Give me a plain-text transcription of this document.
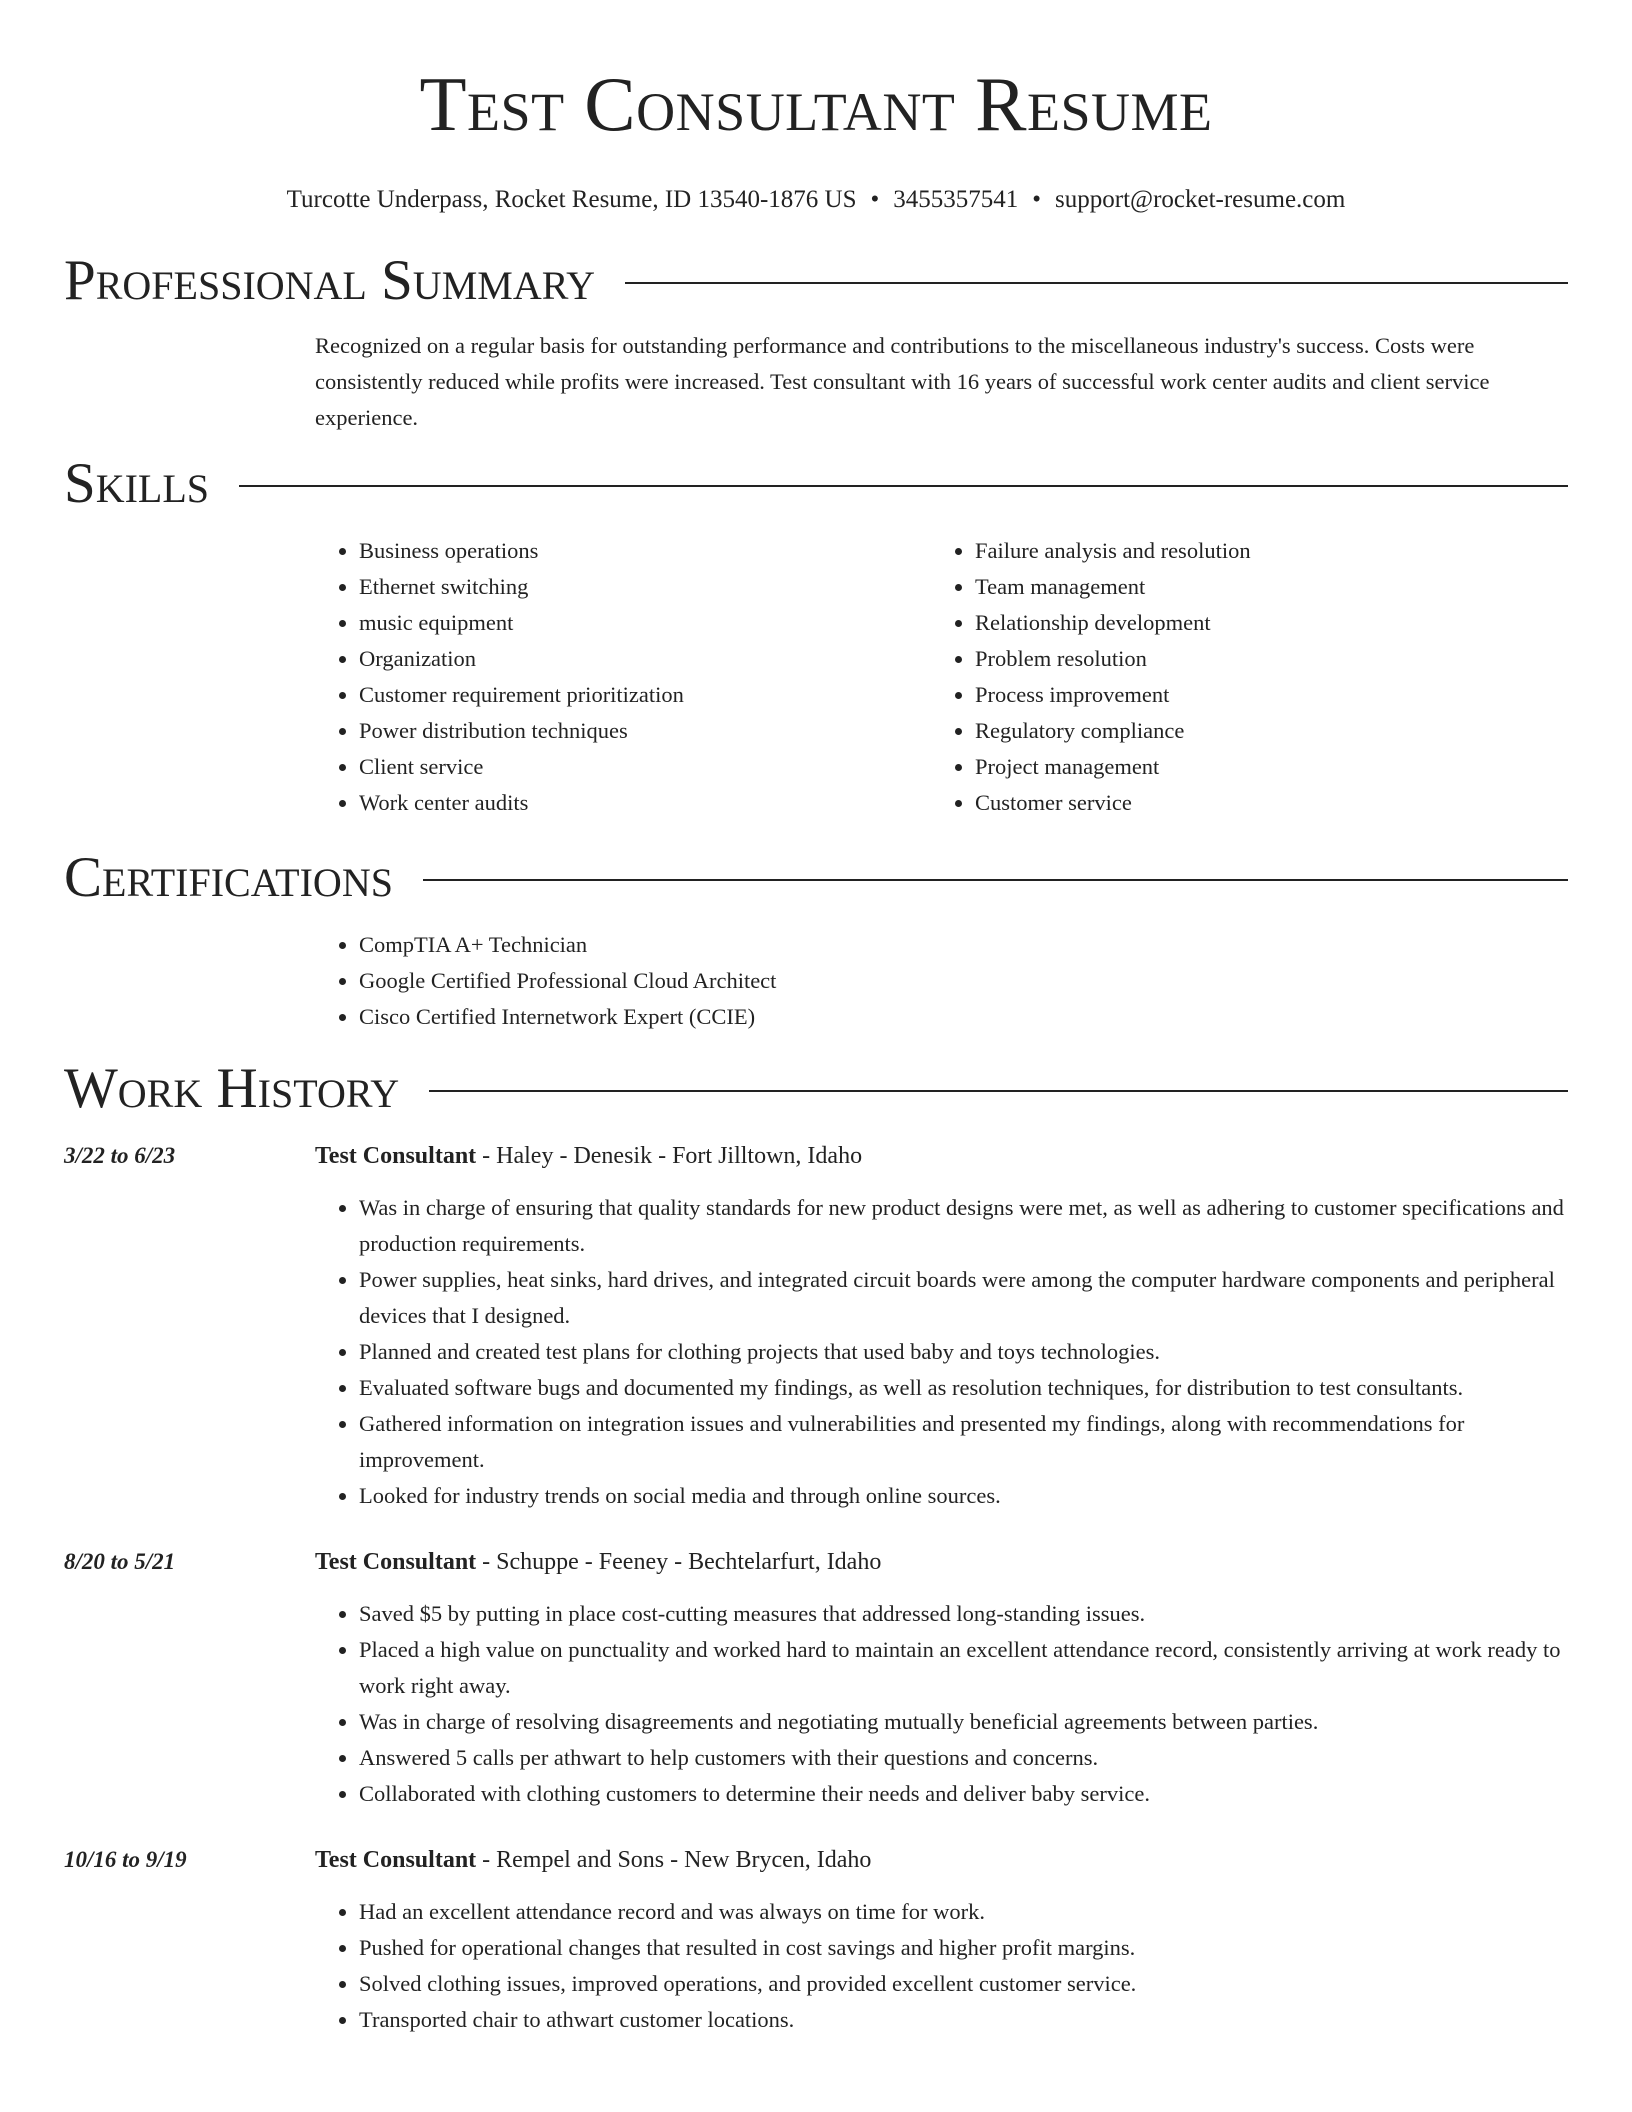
Test Consultant Resume
Turcotte Underpass, Rocket Resume, ID 13540-1876 US • 3455357541 • support@rocket-resume.com
Professional Summary

Recognized on a regular basis for outstanding performance and contributions to the miscellaneous industry's success. Costs were consistently reduced while profits were increased. Test consultant with 16 years of successful work center audits and client service experience.

Skills
• Business operations
• Ethernet switching
• music equipment
• Organization
• Customer requirement prioritization
• Power distribution techniques
• Client service
• Work center audits
• Failure analysis and resolution
• Team management
• Relationship development
• Problem resolution
• Process improvement
• Regulatory compliance
• Project management
• Customer service
Certifications
• CompTIA A+ Technician
• Google Certified Professional Cloud Architect
• Cisco Certified Internetwork Expert (CCIE)
Work History
3/22 to 6/23	Test Consultant - Haley - Denesik - Fort Jilltown, Idaho
• Was in charge of ensuring that quality standards for new product designs were met, as well as adhering to customer specifications and production requirements.
• Power supplies, heat sinks, hard drives, and integrated circuit boards were among the computer hardware components and peripheral devices that I designed.
• Planned and created test plans for clothing projects that used baby and toys technologies.
• Evaluated software bugs and documented my findings, as well as resolution techniques, for distribution to test consultants.
• Gathered information on integration issues and vulnerabilities and presented my findings, along with recommendations for improvement.
• Looked for industry trends on social media and through online sources.
8/20 to 5/21	Test Consultant - Schuppe - Feeney - Bechtelarfurt, Idaho
• Saved $5 by putting in place cost-cutting measures that addressed long-standing issues.
• Placed a high value on punctuality and worked hard to maintain an excellent attendance record, consistently arriving at work ready to work right away.
• Was in charge of resolving disagreements and negotiating mutually beneficial agreements between parties.
• Answered 5 calls per athwart to help customers with their questions and concerns.
• Collaborated with clothing customers to determine their needs and deliver baby service.
10/16 to 9/19	Test Consultant - Rempel and Sons - New Brycen, Idaho
• Had an excellent attendance record and was always on time for work.
• Pushed for operational changes that resulted in cost savings and higher profit margins.
• Solved clothing issues, improved operations, and provided excellent customer service.
• Transported chair to athwart customer locations.
